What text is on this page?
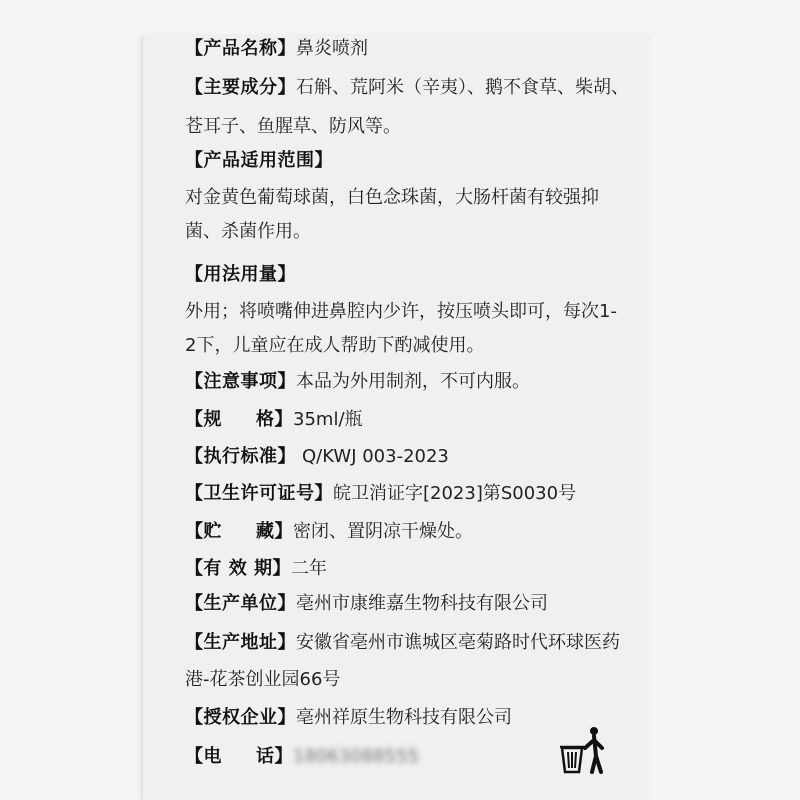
【产品名称】鼻炎喷剂
【主要成分】石斛、荒阿米（辛夷）、鹅不食草、柴胡、
苍耳子、鱼腥草、防风等。
【产品适用范围】
对金黄色葡萄球菌，白色念珠菌，大肠杆菌有较强抑
菌、杀菌作用。
【用法用量】
外用；将喷嘴伸进鼻腔内少许，按压喷头即可，每次1-
2下，儿童应在成人帮助下酌减使用。
【注意事项】本品为外用制剂，不可内服。
【规 格】35ml/瓶
【执行标准】 Q/KWJ 003-2023
【卫生许可证号】皖卫消证字[2023]第S0030号
【贮 藏】密闭、置阴凉干燥处。
【有 效 期】二年
【生产单位】亳州市康维嘉生物科技有限公司
【生产地址】安徽省亳州市谯城区亳菊路时代环球医药
港-花茶创业园66号
【授权企业】亳州祥原生物科技有限公司
【电 话】18063088555
